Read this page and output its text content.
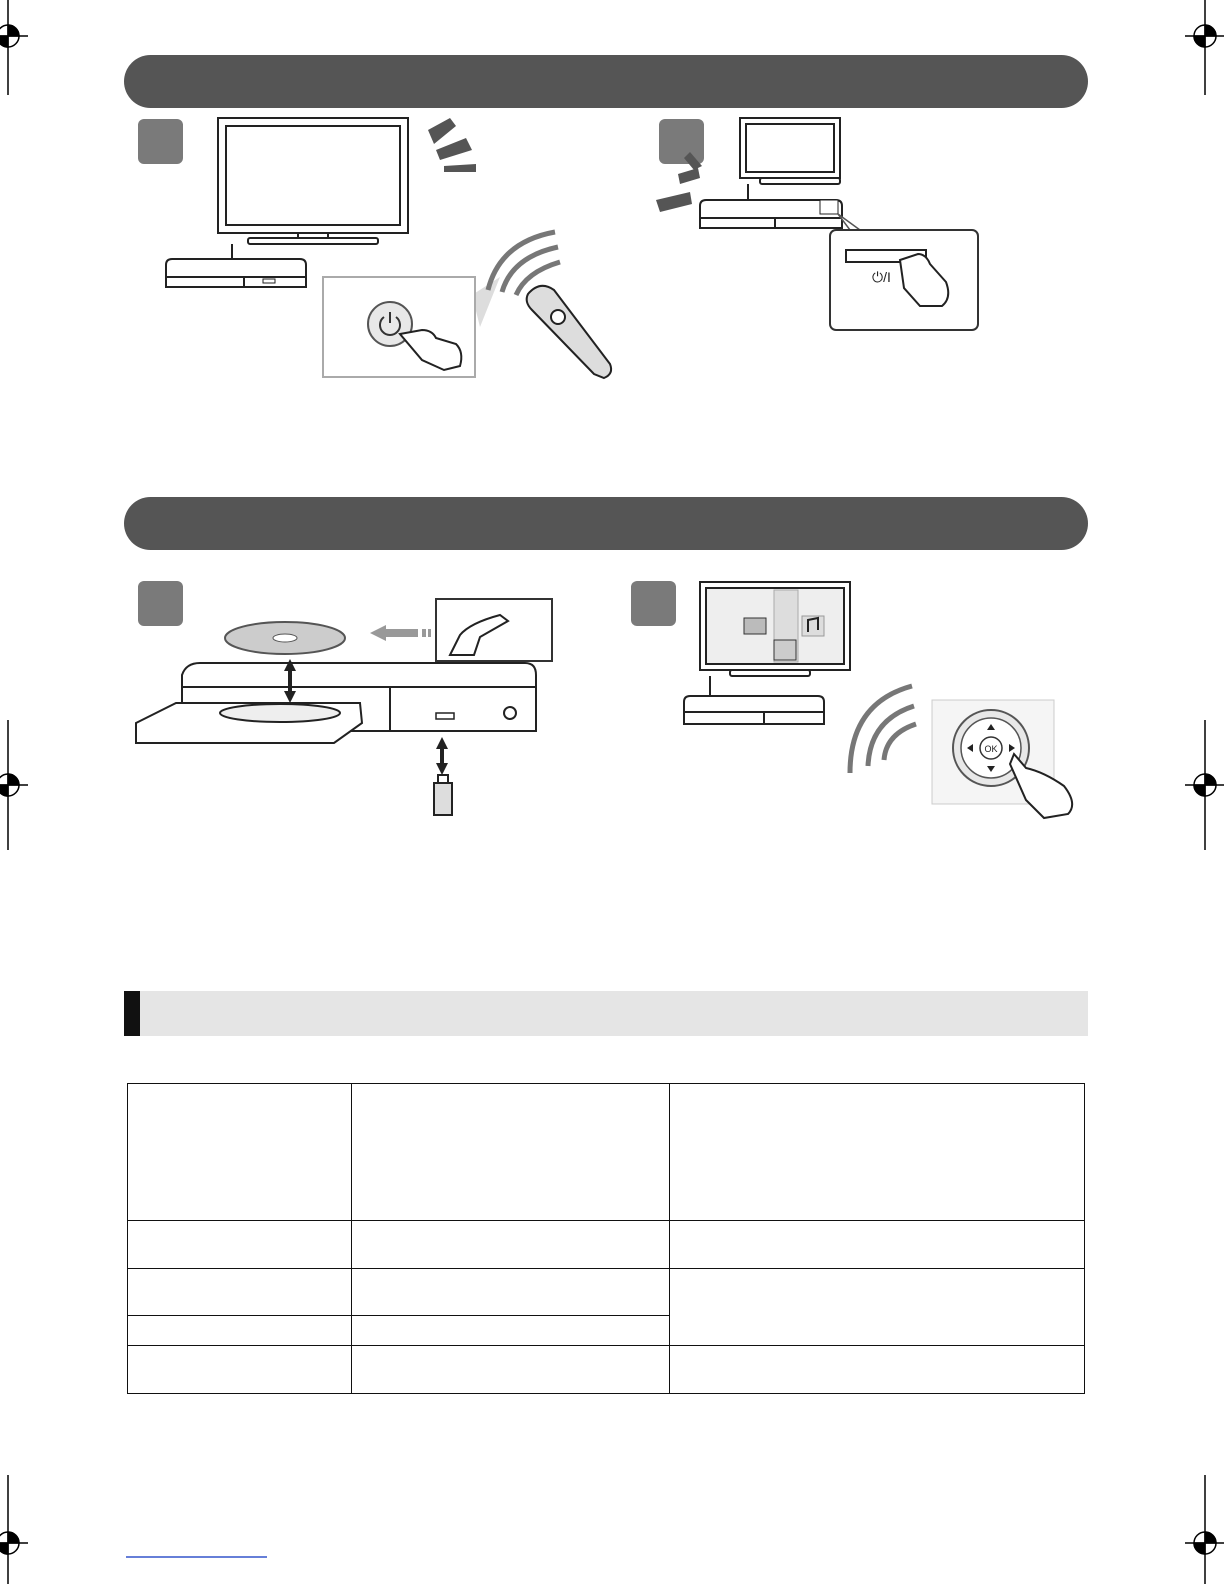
⏻/I
OK
